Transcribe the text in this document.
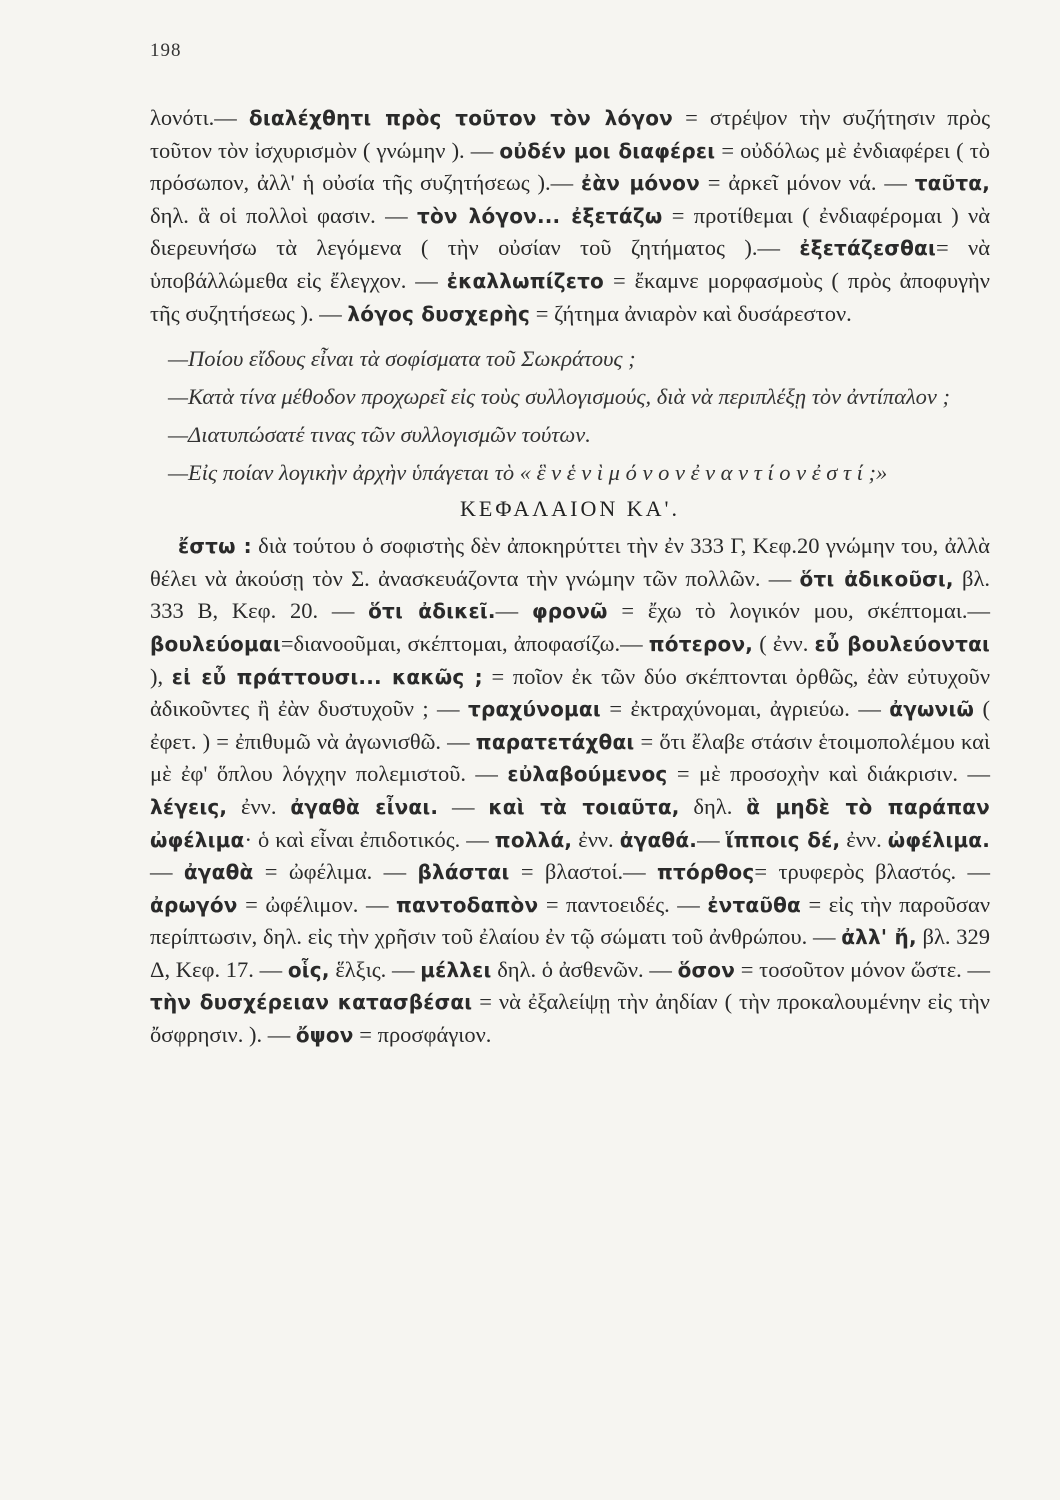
198

λονότι.— διαλέχθητι πρὸς τοῦτον τὸν λόγον = στρέψον τὴν συζήτησιν πρὸς τοῦτον τὸν ἰσχυρισμὸν ( γνώμην ). — οὐδέν μοι διαφέρει = οὐδόλως μὲ ἐνδιαφέρει ( τὸ πρόσωπον, ἀλλ' ἡ οὐσία τῆς συζητήσεως ).— ἐὰν μόνον = ἀρκεῖ μόνον νά. — ταῦτα, δηλ. ἃ οἱ πολλοὶ φασιν. — τὸν λόγον... ἐξετάζω = προτίθεμαι ( ἐνδιαφέρομαι ) νὰ διερευνήσω τὰ λεγόμενα ( τὴν οὐσίαν τοῦ ζητήματος ).— ἐξετάζεσθαι= νὰ ὑποβάλλώμεθα εἰς ἔλεγχον. — ἐκαλλωπίζετο = ἔκαμνε μορφασμοὺς ( πρὸς ἀποφυγὴν τῆς συζητήσεως ). — λόγος δυσχερὴς = ζήτημα ἀνιαρὸν καὶ δυσάρεστον.

—Ποίου εἴδους εἶναι τὰ σοφίσματα τοῦ Σωκράτους ;

—Κατὰ τίνα μέθοδον προχωρεῖ εἰς τοὺς συλλογισμούς, διὰ νὰ περιπλέξῃ τὸν ἀντίπαλον ;

—Διατυπώσατέ τινας τῶν συλλογισμῶν τούτων.

—Εἰς ποίαν λογικὴν ἀρχὴν ὑπάγεται τὸ « ἓ ν ἑ ν ὶ μ ό ν ο ν ἐ ν α ν τ ί ο ν ἐ σ τ ί ;»

ΚΕΦΑΛΑΙΟΝ ΚΑ'.

ἔστω : διὰ τούτου ὁ σοφιστὴς δὲν ἀποκηρύττει τὴν ἐν 333 Γ, Κεφ.20 γνώμην του, ἀλλὰ θέλει νὰ ἀκούσῃ τὸν Σ. ἀνασκευάζοντα τὴν γνώμην τῶν πολλῶν. — ὅτι ἀδικοῦσι, βλ. 333 Β, Κεφ. 20. — ὅτι ἀδικεῖ.— φρονῶ = ἔχω τὸ λογικόν μου, σκέπτομαι.— βουλεύομαι=διανοοῦμαι, σκέπτομαι, ἀποφασίζω.— πότερον, ( ἐνν. εὖ βουλεύονται ), εἰ εὖ πράττουσι... κακῶς ; = ποῖον ἐκ τῶν δύο σκέπτονται ὀρθῶς, ἐὰν εὐτυχοῦν ἀδικοῦντες ἢ ἐὰν δυστυχοῦν ; — τραχύνομαι = ἐκτραχύνομαι, ἀγριεύω. — ἀγωνιῶ ( ἐφετ. ) = ἐπιθυμῶ νὰ ἀγωνισθῶ. — παρατετάχθαι = ὅτι ἔλαβε στάσιν ἑτοιμοπολέμου καὶ μὲ ἐφ' ὅπλου λόγχην πολεμιστοῦ. — εὐλαβούμενος = μὲ προσοχὴν καὶ διάκρισιν. — λέγεις, ἐνν. ἀγαθὰ εἶναι. — καὶ τὰ τοιαῦτα, δηλ. ἃ μηδὲ τὸ παράπαν ὠφέλιμα· ὁ καὶ εἶναι ἐπιδοτικός. — πολλά, ἐνν. ἀγαθά.— ἵπποις δέ, ἐνν. ὠφέλιμα. — ἀγαθὰ = ὠφέλιμα. — βλάσται = βλαστοί.— πτόρθος= τρυφερὸς βλαστός. — ἀρωγόν = ὠφέλιμον. — παντοδαπὸν = παντοειδές. — ἐνταῦθα = εἰς τὴν παροῦσαν περίπτωσιν, δηλ. εἰς τὴν χρῆσιν τοῦ ἐλαίου ἐν τῷ σώματι τοῦ ἀνθρώπου. — ἀλλ' ἤ, βλ. 329 Δ, Κεφ. 17. — οἷς, ἕλξις. — μέλλει δηλ. ὁ ἀσθενῶν. — ὅσον = τοσοῦτον μόνον ὥστε. — τὴν δυσχέρειαν κατασβέσαι = νὰ ἐξαλείψῃ τὴν ἀηδίαν ( τὴν προκαλουμένην εἰς τὴν ὄσφρησιν. ). — ὄψον = προσφάγιον.
